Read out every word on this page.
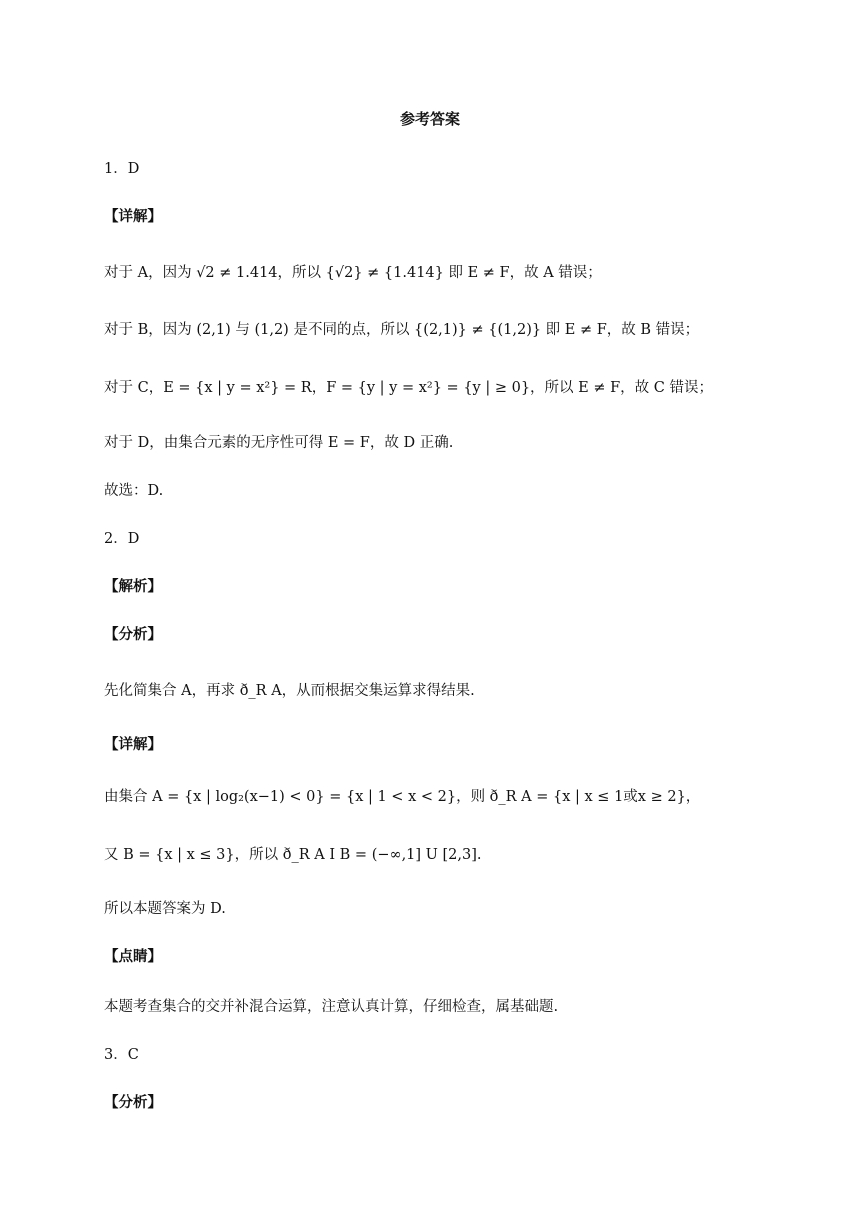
参考答案
1．D
【详解】
对于 A，因为 √2 ≠ 1.414，所以 {√2} ≠ {1.414} 即 E ≠ F，故 A 错误；
对于 B，因为 (2,1) 与 (1,2) 是不同的点，所以 {(2,1)} ≠ {(1,2)} 即 E ≠ F，故 B 错误；
对于 C，E = {x | y = x²} = R，F = {y | y = x²} = {y | ≥ 0}，所以 E ≠ F，故 C 错误；
对于 D，由集合元素的无序性可得 E = F，故 D 正确.
故选：D.
2．D
【解析】
【分析】
先化简集合 A，再求 ð_R A，从而根据交集运算求得结果.
【详解】
由集合 A = {x | log₂(x−1) < 0} = {x | 1 < x < 2}，则 ð_R A = {x | x ≤ 1或x ≥ 2}，
又 B = {x | x ≤ 3}，所以 ð_R A I B = (−∞,1] U [2,3].
所以本题答案为 D.
【点睛】
本题考查集合的交并补混合运算，注意认真计算，仔细检查，属基础题.
3．C
【分析】
